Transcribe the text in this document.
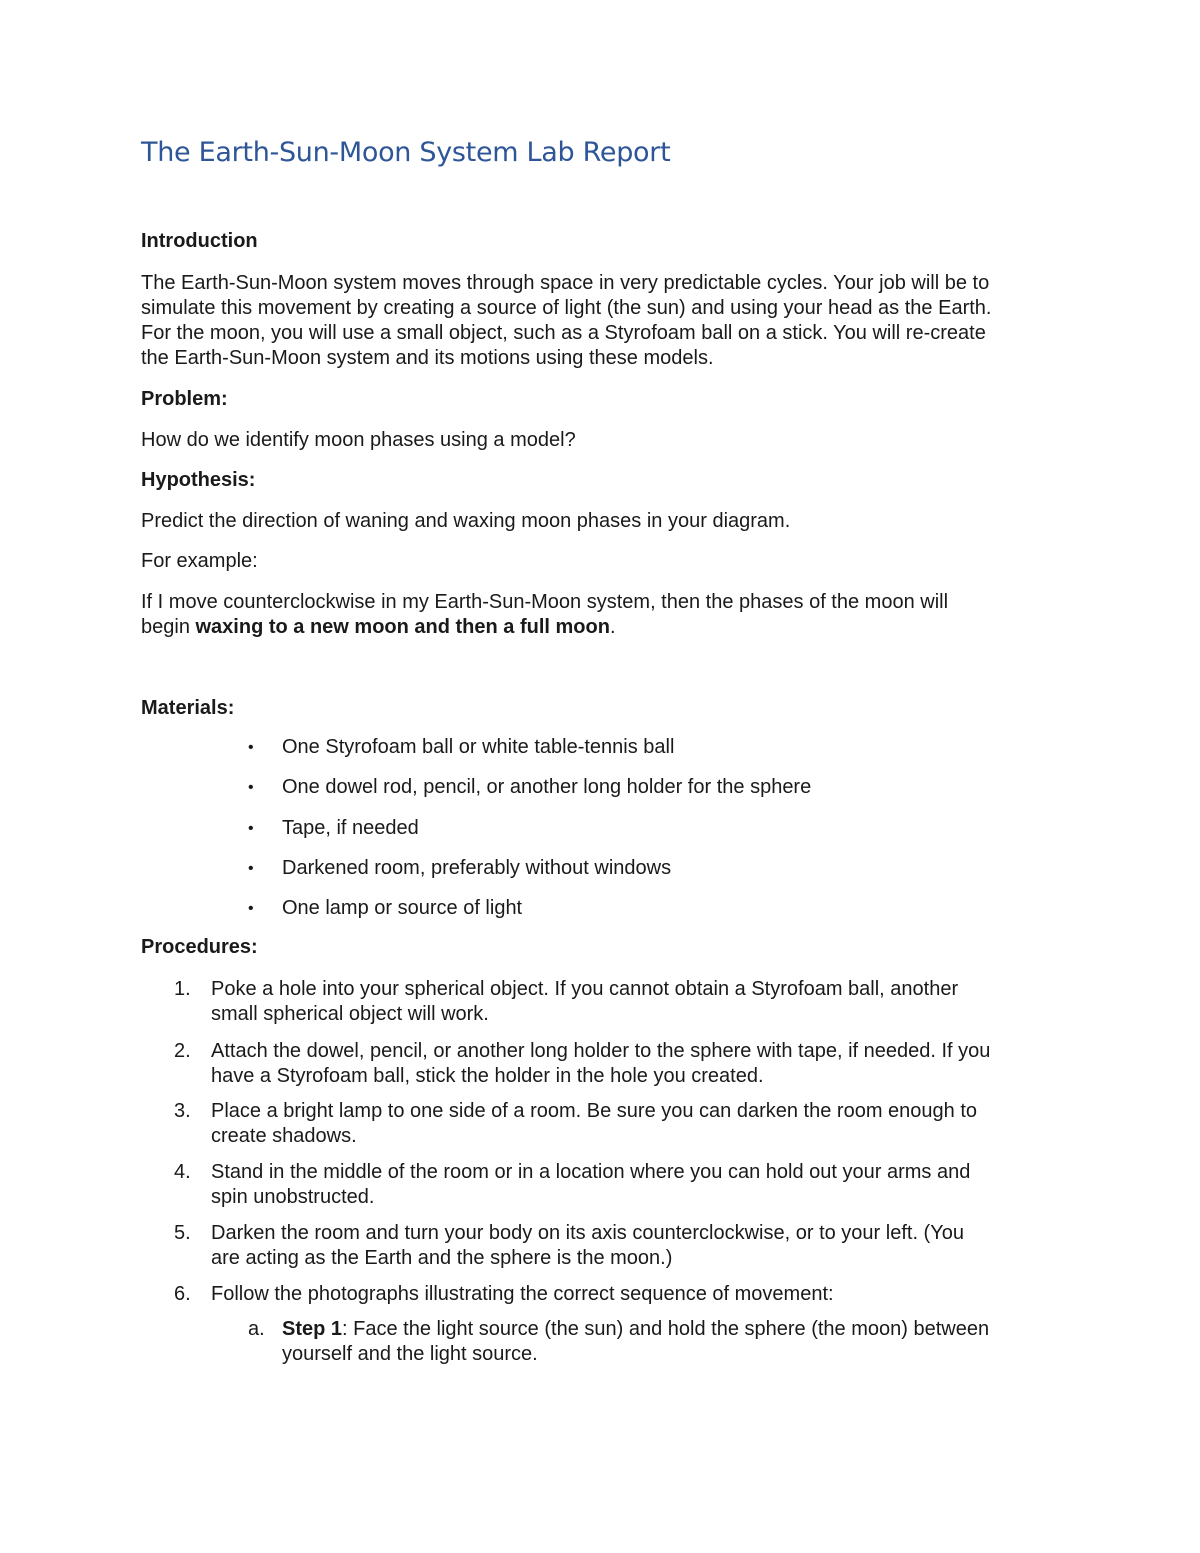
The Earth-Sun-Moon System Lab Report
Introduction
The Earth-Sun-Moon system moves through space in very predictable cycles. Your job will be to
simulate this movement by creating a source of light (the sun) and using your head as the Earth.
For the moon, you will use a small object, such as a Styrofoam ball on a stick. You will re-create
the Earth-Sun-Moon system and its motions using these models.
Problem:
How do we identify moon phases using a model?
Hypothesis:
Predict the direction of waning and waxing moon phases in your diagram.
For example:
If I move counterclockwise in my Earth-Sun-Moon system, then the phases of the moon will
begin waxing to a new moon and then a full moon.
Materials:
• One Styrofoam ball or white table-tennis ball
• One dowel rod, pencil, or another long holder for the sphere
• Tape, if needed
• Darkened room, preferably without windows
• One lamp or source of light
Procedures:
1. Poke a hole into your spherical object. If you cannot obtain a Styrofoam ball, another
small spherical object will work.
2. Attach the dowel, pencil, or another long holder to the sphere with tape, if needed. If you
have a Styrofoam ball, stick the holder in the hole you created.
3. Place a bright lamp to one side of a room. Be sure you can darken the room enough to
create shadows.
4. Stand in the middle of the room or in a location where you can hold out your arms and
spin unobstructed.
5. Darken the room and turn your body on its axis counterclockwise, or to your left. (You
are acting as the Earth and the sphere is the moon.)
6. Follow the photographs illustrating the correct sequence of movement:
a. Step 1: Face the light source (the sun) and hold the sphere (the moon) between
yourself and the light source.
